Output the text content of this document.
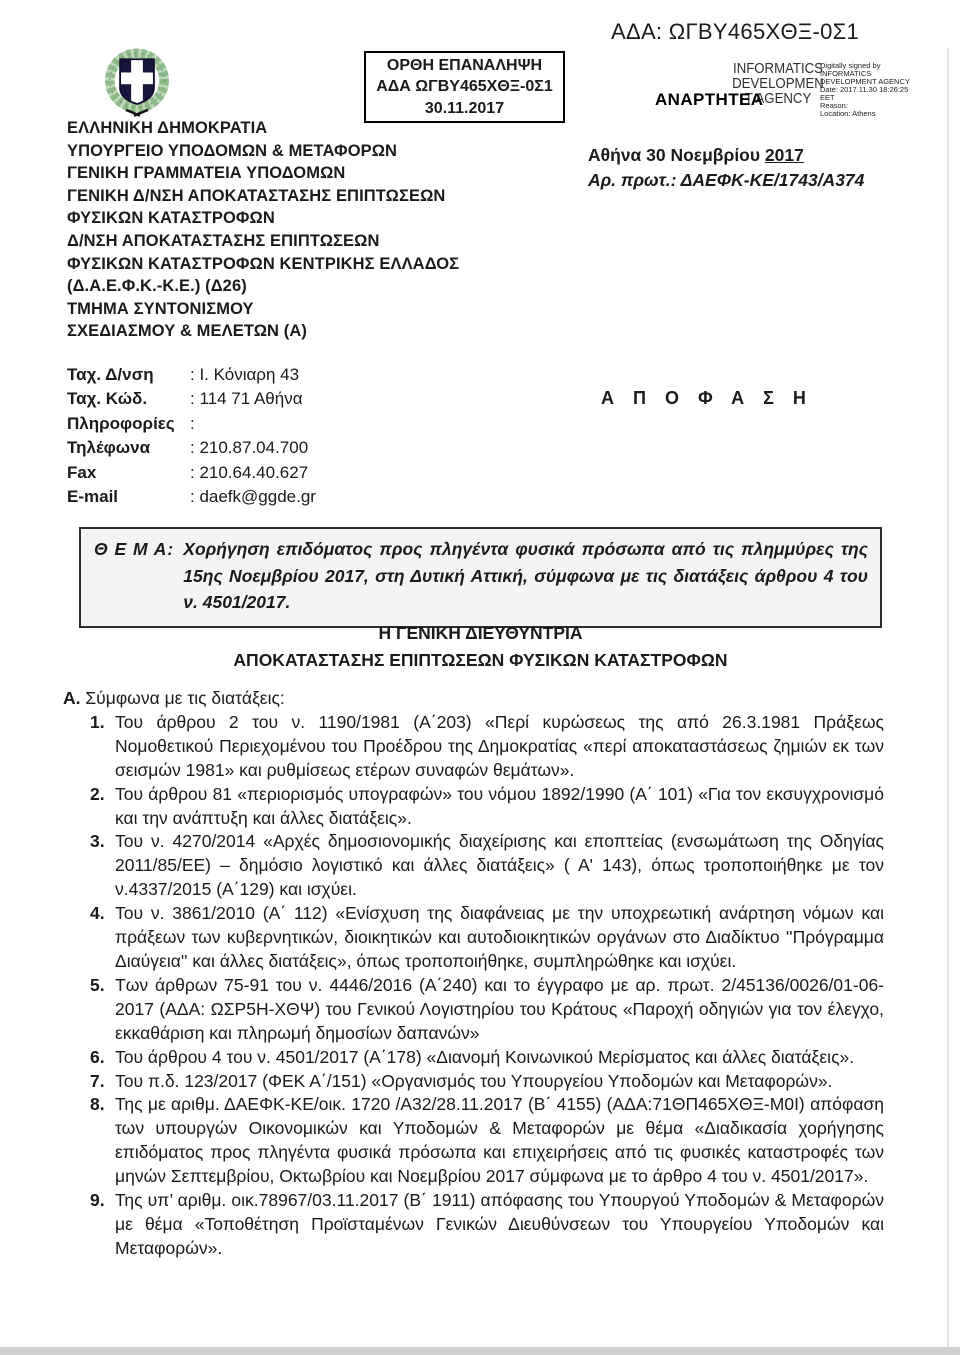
ΕΛΛΗΝΙΚΗ ΔΗΜΟΚΡΑΤΙΑ
ΥΠΟΥΡΓΕΙΟ ΥΠΟΔΟΜΩΝ & ΜΕΤΑΦΟΡΩΝ
ΓΕΝΙΚΗ ΓΡΑΜΜΑΤΕΙΑ ΥΠΟΔΟΜΩΝ
ΓΕΝΙΚΗ Δ/ΝΣΗ ΑΠΟΚΑΤΑΣΤΑΣΗΣ ΕΠΙΠΤΩΣΕΩΝ
ΦΥΣΙΚΩΝ ΚΑΤΑΣΤΡΟΦΩΝ
Δ/ΝΣΗ ΑΠΟΚΑΤΑΣΤΑΣΗΣ ΕΠΙΠΤΩΣΕΩΝ
ΦΥΣΙΚΩΝ ΚΑΤΑΣΤΡΟΦΩΝ ΚΕΝΤΡΙΚΗΣ ΕΛΛΑΔΟΣ
(Δ.Α.Ε.Φ.Κ.-Κ.Ε.) (Δ26)
ΤΜΗΜΑ ΣΥΝΤΟΝΙΣΜΟΥ
ΣΧΕΔΙΑΣΜΟΥ & ΜΕΛΕΤΩΝ (Α)
ΟΡΘΗ ΕΠΑΝΑΛΗΨΗ
ΑΔΑ ΩΓΒΥ465ΧΘΞ-0Σ1
30.11.2017
ΑΔΑ: ΩΓΒΥ465ΧΘΞ-0Σ1
INFORMATICS
DEVELOPMEN
T AGENCY
ΑΝΑΡΤΗΤΕΑ
Digitally signed by
INFORMATICS
DEVELOPMENT AGENCY
Date: 2017.11.30 18:26:25
EET
Reason:
Location: Athens
Αθήνα 30 Νοεμβρίου 2017
Αρ. πρωτ.: ΔΑΕΦΚ-ΚΕ/1743/Α374
Ταχ. Δ/νση	: Ι. Κόνιαρη 43
Ταχ. Κώδ.	: 114 71 Αθήνα
Πληροφορίες :
Τηλέφωνα	: 210.87.04.700
Fax	: 210.64.40.627
E-mail	: daefk@ggde.gr
Α Π Ο Φ Α Σ Η
Θ Ε Μ Α: Χορήγηση επιδόματος προς πληγέντα φυσικά πρόσωπα από τις πλημμύρες της 15ης Νοεμβρίου 2017, στη Δυτική Αττική, σύμφωνα με τις διατάξεις άρθρου 4 του ν. 4501/2017.
Η ΓΕΝΙΚΗ ΔΙΕΥΘΥΝΤΡΙΑ
ΑΠΟΚΑΤΑΣΤΑΣΗΣ ΕΠΙΠΤΩΣΕΩΝ ΦΥΣΙΚΩΝ ΚΑΤΑΣΤΡΟΦΩΝ
Α. Σύμφωνα με τις διατάξεις:
1. Του άρθρου 2 του ν. 1190/1981 (Α΄203) «Περί κυρώσεως της από 26.3.1981 Πράξεως Νομοθετικού Περιεχομένου του Προέδρου της Δημοκρατίας «περί αποκαταστάσεως ζημιών εκ των σεισμών 1981» και ρυθμίσεως ετέρων συναφών θεμάτων».
2. Του άρθρου 81 «περιορισμός υπογραφών» του νόμου 1892/1990 (Α΄ 101) «Για τον εκσυγχρονισμό και την ανάπτυξη και άλλες διατάξεις».
3. Του ν. 4270/2014 «Αρχές δημοσιονομικής διαχείρισης και εποπτείας (ενσωμάτωση της Οδηγίας 2011/85/ΕΕ) – δημόσιο λογιστικό και άλλες διατάξεις» ( Α' 143), όπως τροποποιήθηκε με τον ν.4337/2015 (Α΄129) και ισχύει.
4. Του ν. 3861/2010 (Α΄ 112) «Ενίσχυση της διαφάνειας με την υποχρεωτική ανάρτηση νόμων και πράξεων των κυβερνητικών, διοικητικών και αυτοδιοικητικών οργάνων στο Διαδίκτυο ''Πρόγραμμα Διαύγεια'' και άλλες διατάξεις», όπως τροποποιήθηκε, συμπληρώθηκε και ισχύει.
5. Των άρθρων 75-91 του ν. 4446/2016 (Α΄240) και το έγγραφο με αρ. πρωτ. 2/45136/0026/01-06-2017 (ΑΔΑ: ΩΣΡ5Η-ΧΘΨ) του Γενικού Λογιστηρίου του Κράτους «Παροχή οδηγιών για τον έλεγχο, εκκαθάριση και πληρωμή δημοσίων δαπανών»
6. Του άρθρου 4 του ν. 4501/2017 (Α΄178) «Διανομή Κοινωνικού Μερίσματος και άλλες διατάξεις».
7. Του π.δ. 123/2017 (ΦΕΚ Α΄/151) «Οργανισμός του Υπουργείου Υποδομών και Μεταφορών».
8. Της με αριθμ. ΔΑΕΦΚ-ΚΕ/οικ. 1720 /Α32/28.11.2017 (Β΄ 4155) (ΑΔΑ:71ΘΠ465ΧΘΞ-Μ0Ι) απόφαση των υπουργών Οικονομικών και Υποδομών & Μεταφορών με θέμα «Διαδικασία χορήγησης επιδόματος προς πληγέντα φυσικά πρόσωπα και επιχειρήσεις από τις φυσικές καταστροφές των μηνών Σεπτεμβρίου, Οκτωβρίου και Νοεμβρίου 2017 σύμφωνα με το άρθρο 4 του ν. 4501/2017».
9. Της υπ’ αριθμ. οικ.78967/03.11.2017 (Β΄ 1911) απόφασης του Υπουργού Υποδομών & Μεταφορών με θέμα «Τοποθέτηση Προϊσταμένων Γενικών Διευθύνσεων του Υπουργείου Υποδομών και Μεταφορών».
